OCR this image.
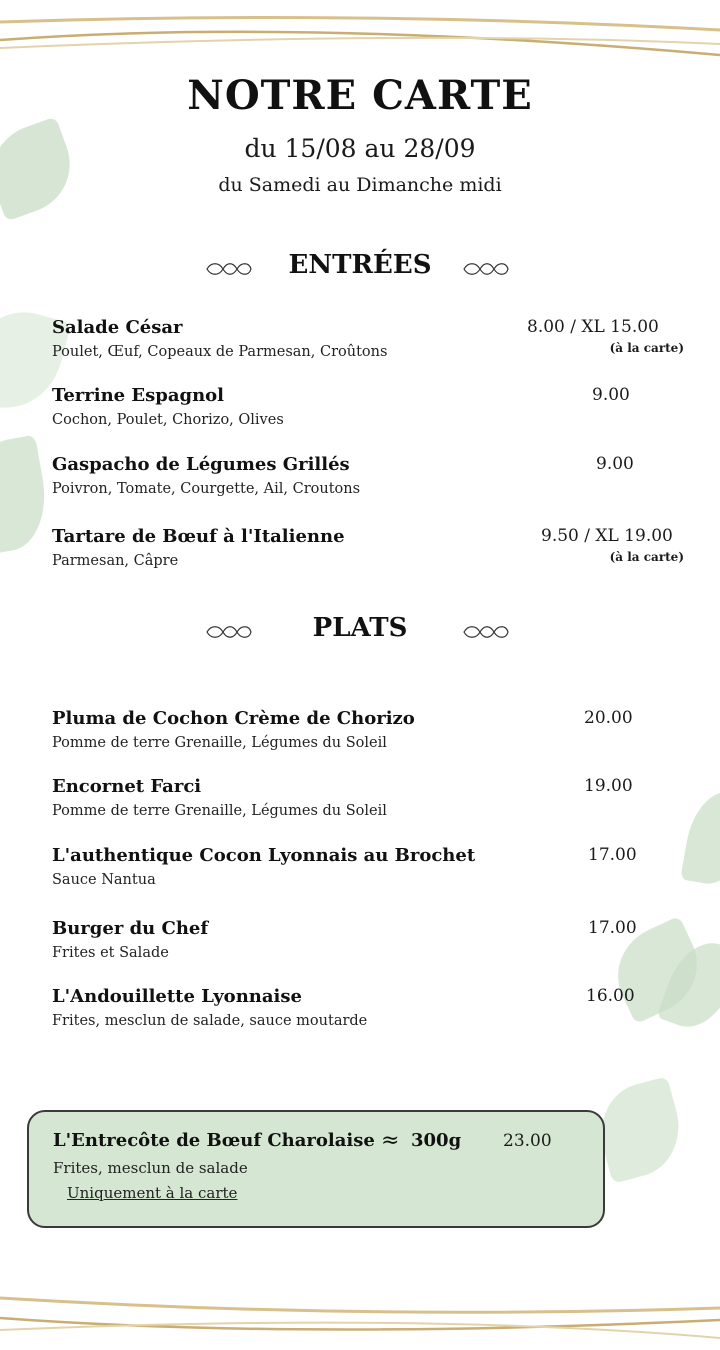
NOTRE CARTE
du 15/08 au 28/09
du Samedi au Dimanche midi
ENTRÉES
Salade César
Poulet, Œuf, Copeaux de Parmesan, Croûtons
8.00 / XL 15.00
(à la carte)
Terrine Espagnol
Cochon, Poulet, Chorizo, Olives
9.00
Gaspacho de Légumes Grillés
Poivron, Tomate, Courgette, Ail, Croutons
9.00
Tartare de Bœuf à l'Italienne
Parmesan, Câpre
9.50 / XL 19.00
(à la carte)
PLATS
Pluma de Cochon Crème de Chorizo
Pomme de terre Grenaille, Légumes du Soleil
20.00
Encornet Farci
Pomme de terre Grenaille, Légumes du Soleil
19.00
L'authentique Cocon Lyonnais au Brochet
Sauce Nantua
17.00
Burger du Chef
Frites et Salade
17.00
L'Andouillette Lyonnaise
Frites, mesclun de salade, sauce moutarde
16.00
L'Entrecôte de Bœuf Charolaise ≈ 300g 23.00
Frites, mesclun de salade
Uniquement à la carte
